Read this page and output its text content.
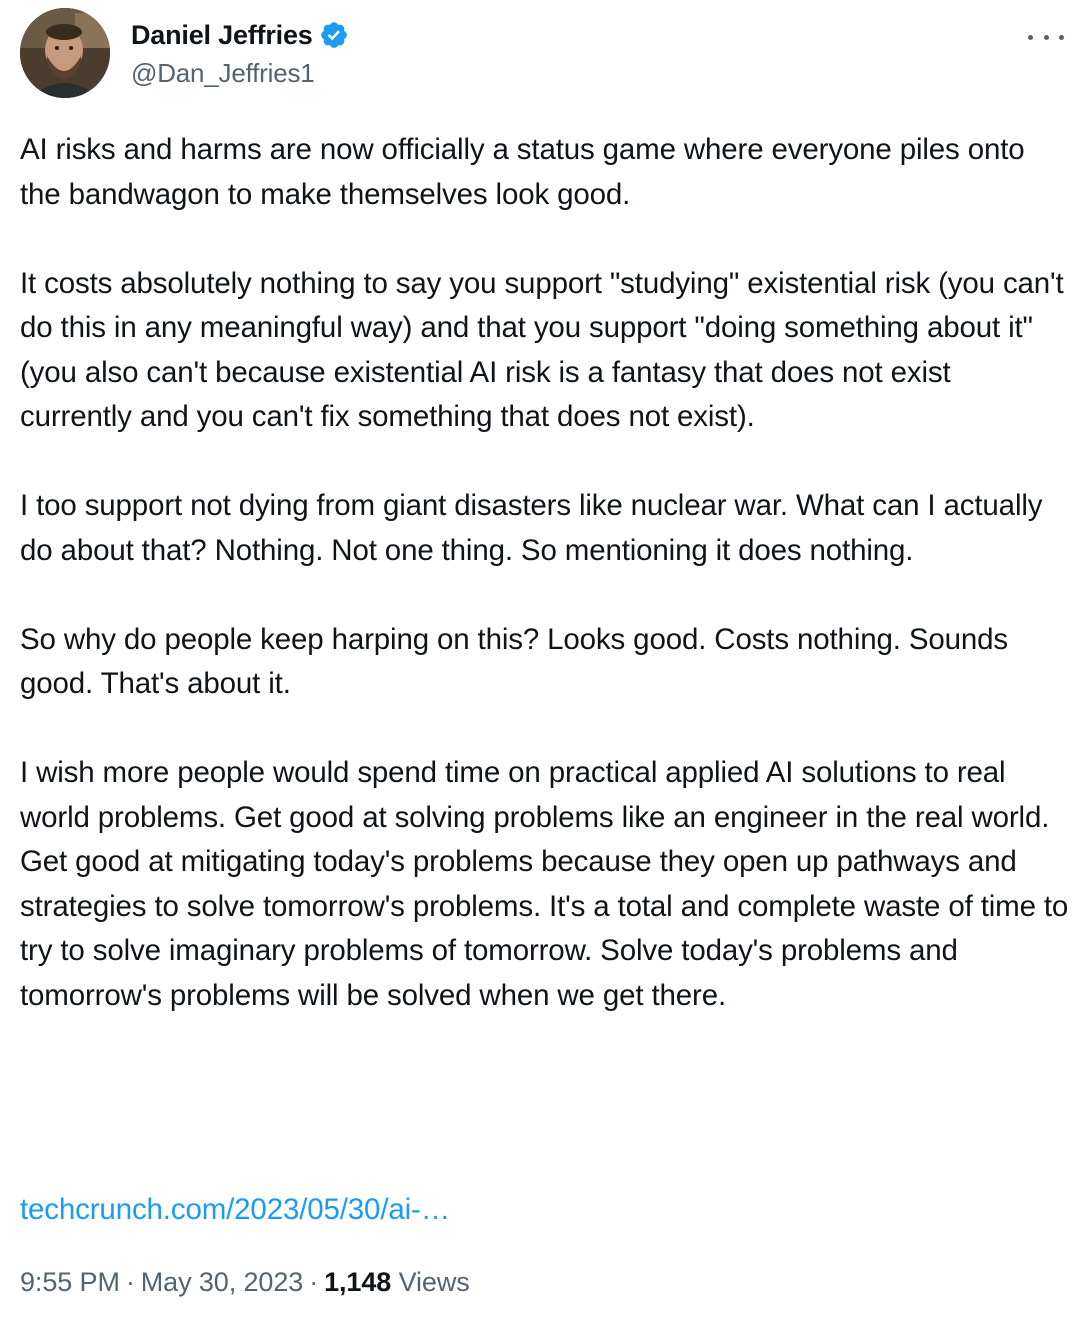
Daniel Jeffries
@Dan_Jeffries1

AI risks and harms are now officially a status game where everyone piles onto the bandwagon to make themselves look good.

It costs absolutely nothing to say you support "studying" existential risk (you can't do this in any meaningful way) and that you support "doing something about it" (you also can't because existential AI risk is a fantasy that does not exist currently and you can't fix something that does not exist).

I too support not dying from giant disasters like nuclear war. What can I actually do about that? Nothing. Not one thing. So mentioning it does nothing.

So why do people keep harping on this? Looks good. Costs nothing. Sounds good. That's about it.

I wish more people would spend time on practical applied AI solutions to real world problems. Get good at solving problems like an engineer in the real world. Get good at mitigating today's problems because they open up pathways and strategies to solve tomorrow's problems. It's a total and complete waste of time to try to solve imaginary problems of tomorrow. Solve today's problems and tomorrow's problems will be solved when we get there.

techcrunch.com/2023/05/30/ai-…
9:55 PM · May 30, 2023 · 1,148 Views
